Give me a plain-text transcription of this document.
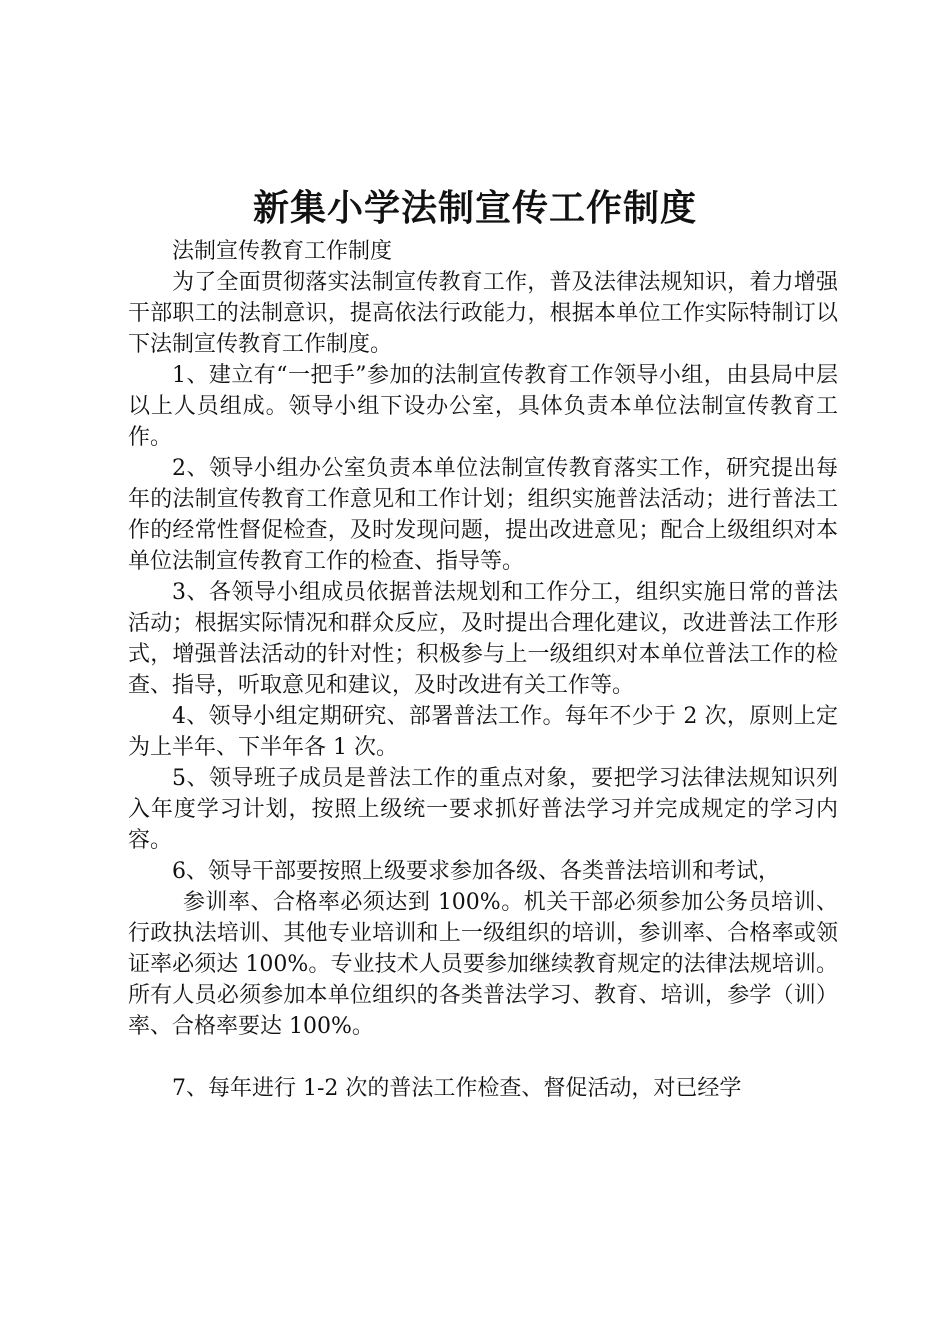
新集小学法制宣传工作制度

法制宣传教育工作制度

为了全面贯彻落实法制宣传教育工作，普及法律法规知识，着力增强干部职工的法制意识，提高依法行政能力，根据本单位工作实际特制订以下法制宣传教育工作制度。

1、建立有“一把手”参加的法制宣传教育工作领导小组，由县局中层以上人员组成。领导小组下设办公室，具体负责本单位法制宣传教育工作。

2、领导小组办公室负责本单位法制宣传教育落实工作，研究提出每年的法制宣传教育工作意见和工作计划；组织实施普法活动；进行普法工作的经常性督促检查，及时发现问题，提出改进意见；配合上级组织对本单位法制宣传教育工作的检查、指导等。

3、各领导小组成员依据普法规划和工作分工，组织实施日常的普法活动；根据实际情况和群众反应，及时提出合理化建议，改进普法工作形式，增强普法活动的针对性；积极参与上一级组织对本单位普法工作的检查、指导，听取意见和建议，及时改进有关工作等。

4、领导小组定期研究、部署普法工作。每年不少于 2 次，原则上定为上半年、下半年各 1 次。

5、领导班子成员是普法工作的重点对象，要把学习法律法规知识列入年度学习计划，按照上级统一要求抓好普法学习并完成规定的学习内容。

6、领导干部要按照上级要求参加各级、各类普法培训和考试，

参训率、合格率必须达到 100%。机关干部必须参加公务员培训、行政执法培训、其他专业培训和上一级组织的培训，参训率、合格率或领证率必须达 100%。专业技术人员要参加继续教育规定的法律法规培训。所有人员必须参加本单位组织的各类普法学习、教育、培训，参学（训）率、合格率要达 100%。

7、每年进行 1-2 次的普法工作检查、督促活动，对已经学
